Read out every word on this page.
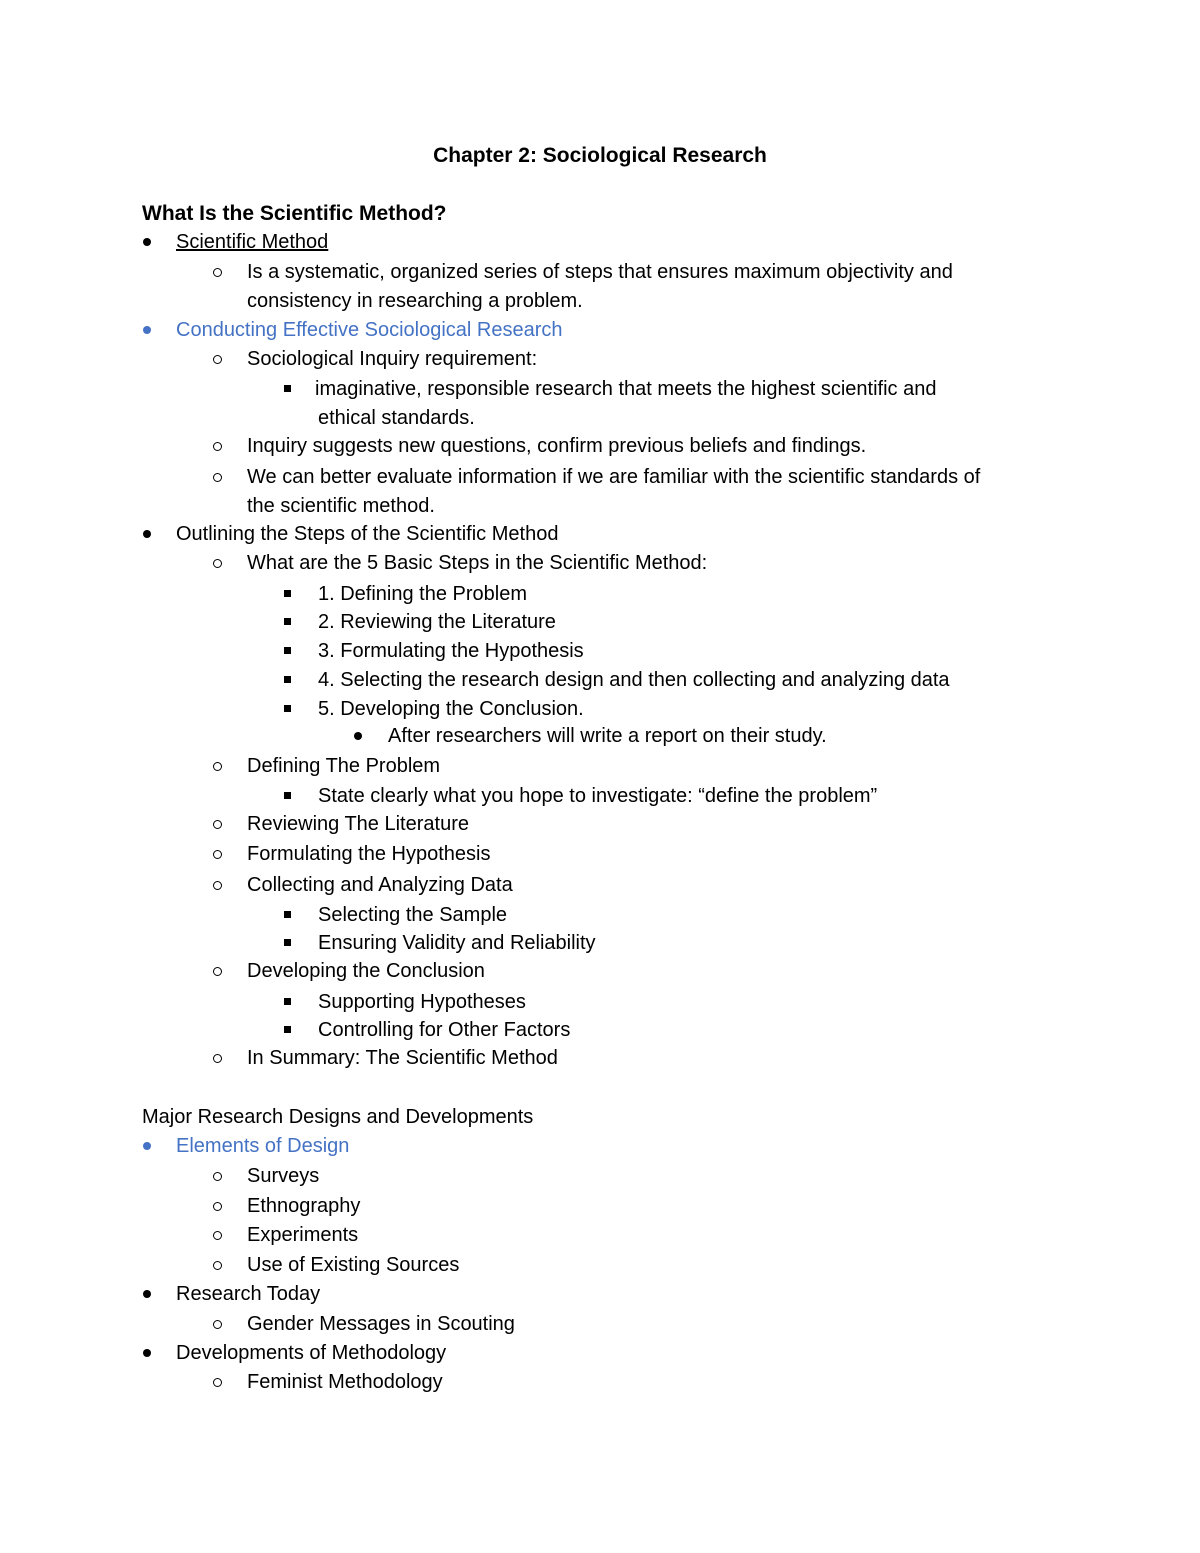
Chapter 2: Sociological Research
What Is the Scientific Method?
Scientific Method
Is a systematic, organized series of steps that ensures maximum objectivity and
consistency in researching a problem.
Conducting Effective Sociological Research
Sociological Inquiry requirement:
imaginative, responsible research that meets the highest scientific and
ethical standards.
Inquiry suggests new questions, confirm previous beliefs and findings.
We can better evaluate information if we are familiar with the scientific standards of
the scientific method.
Outlining the Steps of the Scientific Method
What are the 5 Basic Steps in the Scientific Method:
1. Defining the Problem
2. Reviewing the Literature
3. Formulating the Hypothesis
4. Selecting the research design and then collecting and analyzing data
5. Developing the Conclusion.
After researchers will write a report on their study.
Defining The Problem
State clearly what you hope to investigate: “define the problem”
Reviewing The Literature
Formulating the Hypothesis
Collecting and Analyzing Data
Selecting the Sample
Ensuring Validity and Reliability
Developing the Conclusion
Supporting Hypotheses
Controlling for Other Factors
In Summary: The Scientific Method
Major Research Designs and Developments
Elements of Design
Surveys
Ethnography
Experiments
Use of Existing Sources
Research Today
Gender Messages in Scouting
Developments of Methodology
Feminist Methodology
